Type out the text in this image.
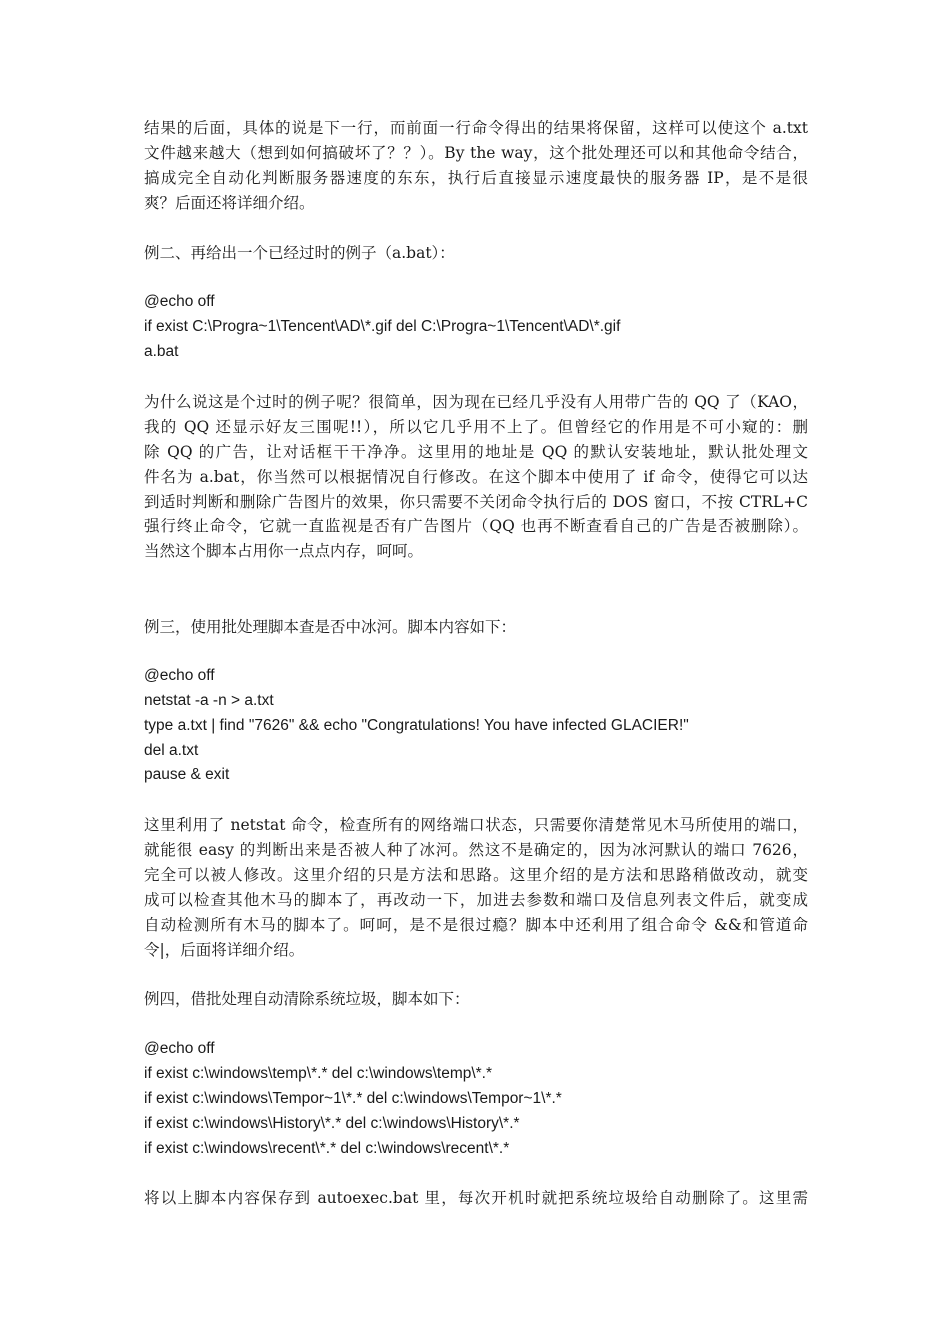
结果的后面，具体的说是下一行，而前面一行命令得出的结果将保留，这样可以使这个 a.txt
文件越来越大（想到如何搞破坏了？？）。By the way，这个批处理还可以和其他命令结合，
搞成完全自动化判断服务器速度的东东，执行后直接显示速度最快的服务器 IP，是不是很
爽？后面还将详细介绍。
例二、再给出一个已经过时的例子（a.bat）：
@echo off
if exist C:\Progra~1\Tencent\AD\*.gif del C:\Progra~1\Tencent\AD\*.gif
a.bat
为什么说这是个过时的例子呢？很简单，因为现在已经几乎没有人用带广告的 QQ 了（KAO，
我的 QQ 还显示好友三围呢!!），所以它几乎用不上了。但曾经它的作用是不可小窥的：删
除 QQ 的广告，让对话框干干净净。这里用的地址是 QQ 的默认安装地址，默认批处理文
件名为 a.bat，你当然可以根据情况自行修改。在这个脚本中使用了 if 命令，使得它可以达
到适时判断和删除广告图片的效果，你只需要不关闭命令执行后的 DOS 窗口，不按 CTRL+C
强行终止命令，它就一直监视是否有广告图片（QQ 也再不断查看自己的广告是否被删除）。
当然这个脚本占用你一点点内存，呵呵。
例三，使用批处理脚本查是否中冰河。脚本内容如下：
@echo off
netstat -a -n > a.txt
type a.txt | find "7626" && echo "Congratulations! You have infected GLACIER!"
del a.txt
pause & exit
这里利用了 netstat 命令，检查所有的网络端口状态，只需要你清楚常见木马所使用的端口，
就能很 easy 的判断出来是否被人种了冰河。然这不是确定的，因为冰河默认的端口 7626，
完全可以被人修改。这里介绍的只是方法和思路。这里介绍的是方法和思路稍做改动，就变
成可以检查其他木马的脚本了，再改动一下，加进去参数和端口及信息列表文件后，就变成
自动检测所有木马的脚本了。呵呵，是不是很过瘾？脚本中还利用了组合命令 &&和管道命
令|，后面将详细介绍。
例四，借批处理自动清除系统垃圾，脚本如下：
@echo off
if exist c:\windows\temp\*.* del c:\windows\temp\*.*
if exist c:\windows\Tempor~1\*.* del c:\windows\Tempor~1\*.*
if exist c:\windows\History\*.* del c:\windows\History\*.*
if exist c:\windows\recent\*.* del c:\windows\recent\*.*
将以上脚本内容保存到 autoexec.bat 里，每次开机时就把系统垃圾给自动删除了。这里需
